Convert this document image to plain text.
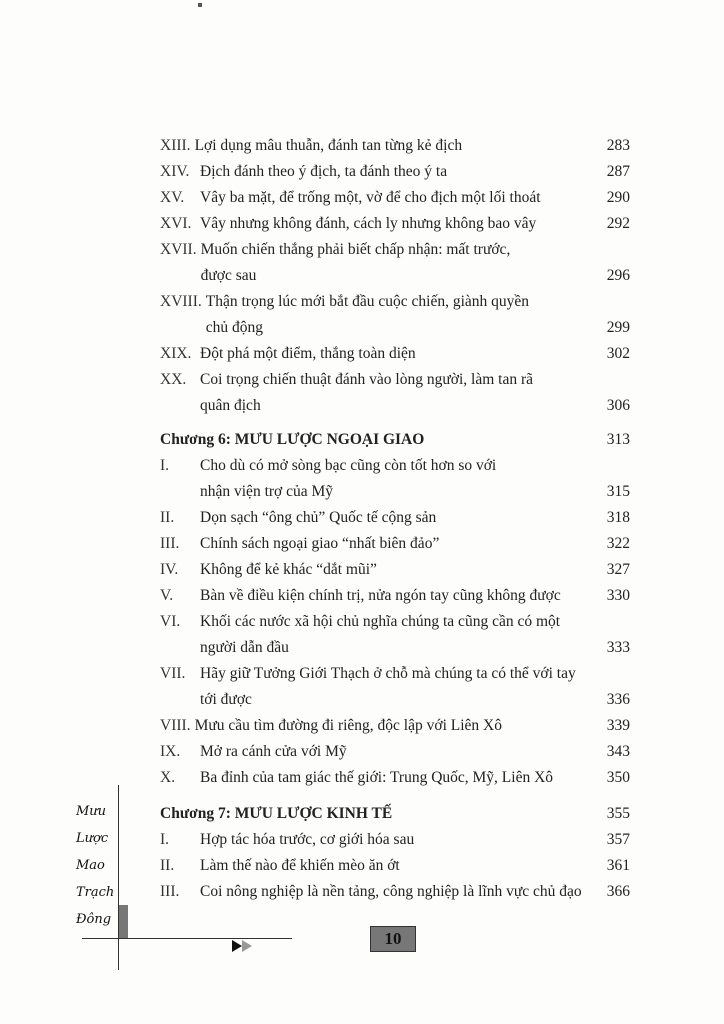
XIII. Lợi dụng mâu thuẫn, đánh tan từng kẻ địch	283
XIV. Địch đánh theo ý địch, ta đánh theo ý ta	287
XV.	Vây ba mặt, để trống một, vờ để cho địch một lối thoát	290
XVI. Vây nhưng không đánh, cách ly nhưng không bao vây	292
XVII. Muốn chiến thắng phải biết chấp nhận: mất trước,
được sau	296
XVIII. Thận trọng lúc mới bắt đầu cuộc chiến, giành quyền
chủ động	299
XIX. Đột phá một điểm, thắng toàn diện	302
XX. Coi trọng chiến thuật đánh vào lòng người, làm tan rã
quân địch	306
Chương 6: MƯU LƯỢC NGOẠI GIAO	313
I.	Cho dù có mở sòng bạc cũng còn tốt hơn so với
nhận viện trợ của Mỹ	315
II.	Dọn sạch “ông chủ” Quốc tế cộng sản	318
III.	Chính sách ngoại giao “nhất biên đảo”	322
IV.	Không để kẻ khác “dắt mũi”	327
V.	Bàn về điều kiện chính trị, nửa ngón tay cũng không được	330
VI.	Khối các nước xã hội chủ nghĩa chúng ta cũng cần có một
người dẫn đầu	333
VII. Hãy giữ Tưởng Giới Thạch ở chỗ mà chúng ta có thể với tay
tới được	336
VIII. Mưu cầu tìm đường đi riêng, độc lập với Liên Xô	339
IX.	Mở ra cánh cửa với Mỹ	343
X.	Ba đỉnh của tam giác thế giới: Trung Quốc, Mỹ, Liên Xô	350
Chương 7: MƯU LƯỢC KINH TẾ	355
I.	Hợp tác hóa trước, cơ giới hóa sau	357
II.	Làm thế nào để khiến mèo ăn ớt	361
III.	Coi nông nghiệp là nền tảng, công nghiệp là lĩnh vực chủ đạo	366
Mưu
Lược
Mao
Trạch
Đông
10
